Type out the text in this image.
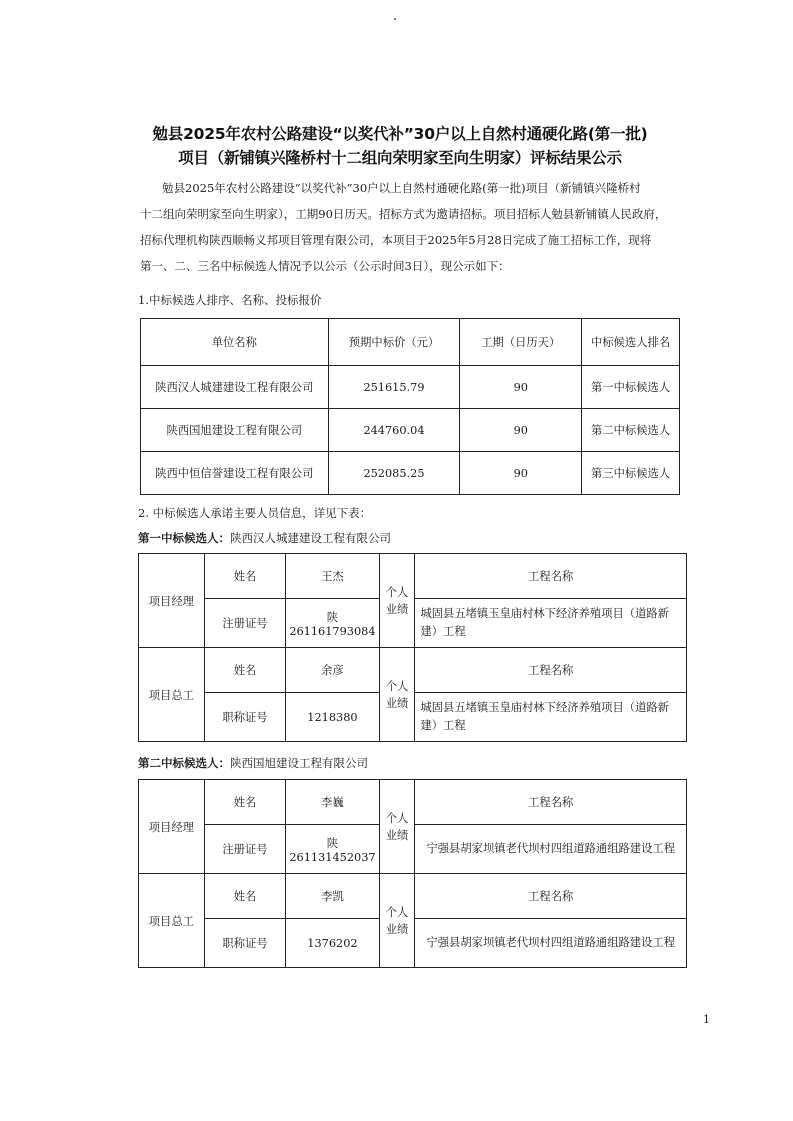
勉县2025年农村公路建设“以奖代补”30户以上自然村通硬化路(第一批)
项目（新铺镇兴隆桥村十二组向荣明家至向生明家）评标结果公示

勉县2025年农村公路建设“以奖代补”30户以上自然村通硬化路(第一批)项目（新铺镇兴隆桥村

十二组向荣明家至向生明家），工期90日历天。招标方式为邀请招标。项目招标人勉县新铺镇人民政府，

招标代理机构陕西顺畅义邦项目管理有限公司，本项目于2025年5月28日完成了施工招标工作，现将

第一、二、三名中标候选人情况予以公示（公示时间3日），现公示如下：

1.中标候选人排序、名称、投标报价
单位名称	预期中标价（元）	工期（日历天）	中标候选人排名
陕西汉人城建建设工程有限公司	251615.79	90	第一中标候选人
陕西国旭建设工程有限公司	244760.04	90	第二中标候选人
陕西中恒信誉建设工程有限公司	252085.25	90	第三中标候选人
2. 中标候选人承诺主要人员信息，详见下表：
第一中标候选人：陕西汉人城建建设工程有限公司
项目经理	姓名	王杰	个人业绩	工程名称
	注册证号	陕261161793084		城固县五堵镇玉皇庙村林下经济养殖项目（道路新建）工程
项目总工	姓名	余彦	个人业绩	工程名称
	职称证号	1218380		城固县五堵镇玉皇庙村林下经济养殖项目（道路新建）工程
第二中标候选人：陕西国旭建设工程有限公司
项目经理	姓名	李巍	个人业绩	工程名称
	注册证号	陕261131452037		宁强县胡家坝镇老代坝村四组道路通组路建设工程
项目总工	姓名	李凯	个人业绩	工程名称
	职称证号	1376202		宁强县胡家坝镇老代坝村四组道路通组路建设工程
1
